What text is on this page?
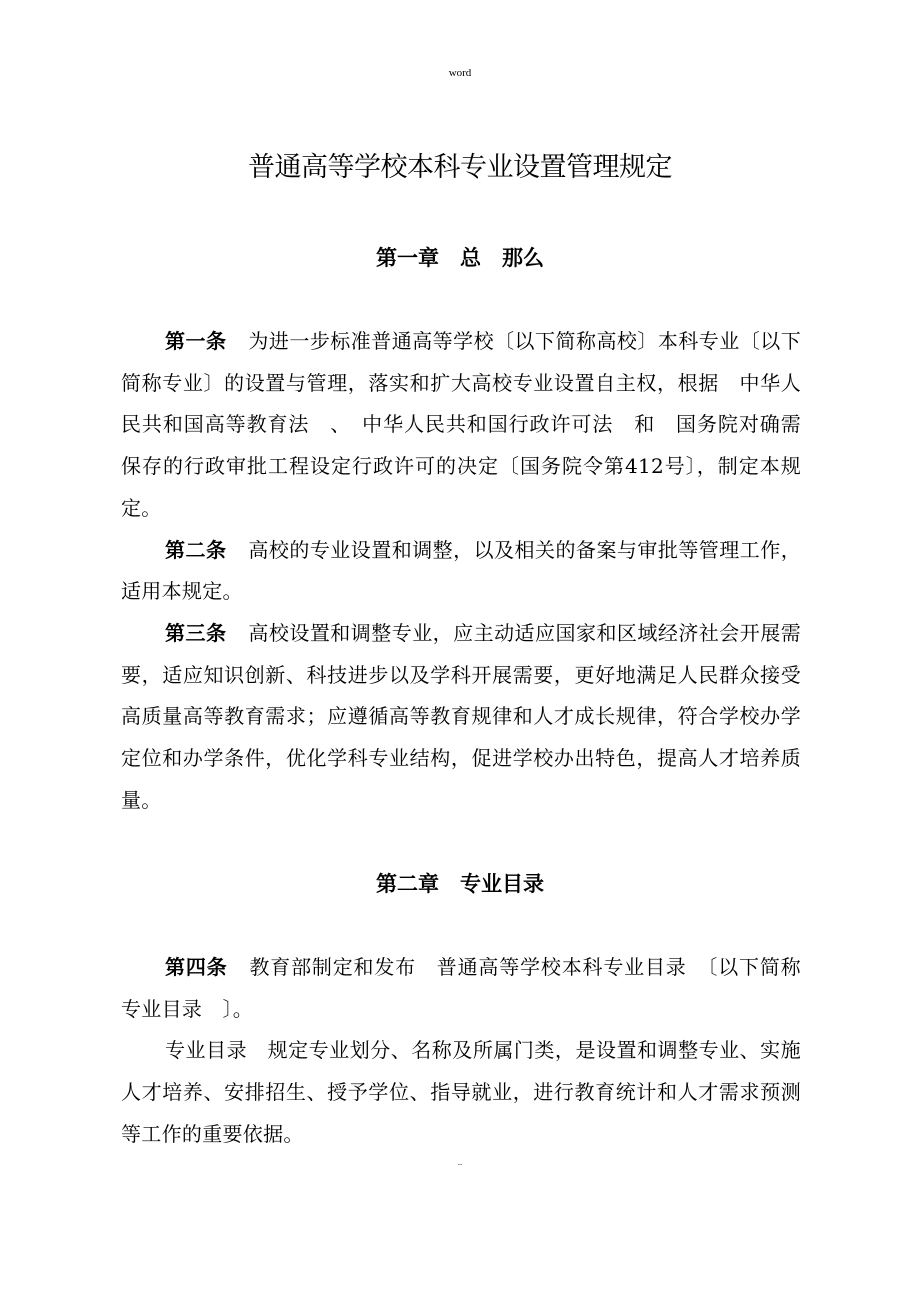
word
普通高等学校本科专业设置管理规定
第一章　总　那么

第一条 为进一步标准普通高等学校〔以下简称高校〕本科专业〔以下简称专业〕的设置与管理，落实和扩大高校专业设置自主权，根据　中华人民共和国高等教育法　、　中华人民共和国行政许可法　和　国务院对确需保存的行政审批工程设定行政许可的决定〔国务院令第412号〕，制定本规定。

第二条 高校的专业设置和调整，以及相关的备案与审批等管理工作，适用本规定。

第三条 高校设置和调整专业，应主动适应国家和区域经济社会开展需要，适应知识创新、科技进步以及学科开展需要，更好地满足人民群众接受高质量高等教育需求；应遵循高等教育规律和人才成长规律，符合学校办学定位和办学条件，优化学科专业结构，促进学校办出特色，提高人才培养质量。

第二章　专业目录

第四条 教育部制定和发布　普通高等学校本科专业目录　〔以下简称　专业目录　〕。

专业目录　规定专业划分、名称及所属门类，是设置和调整专业、实施人才培养、安排招生、授予学位、指导就业，进行教育统计和人才需求预测等工作的重要依据。

..
